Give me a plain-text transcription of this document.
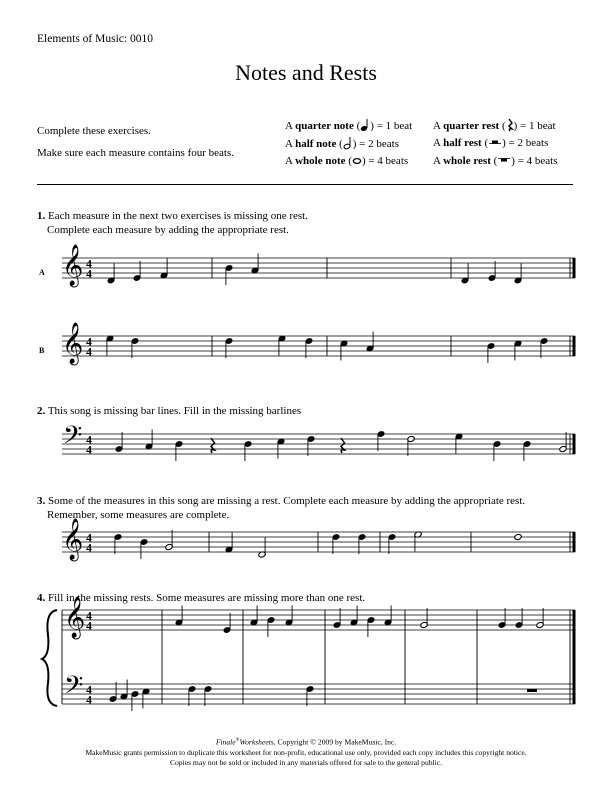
Elements of Music: 0010
Notes and Rests
Complete these exercises.
Make sure each measure contains four beats.
A quarter note ( ) = 1 beat
A half note ( ) = 2 beats
A whole note ( ) = 4 beats
A quarter rest ( ) = 1 beat
A half rest ( ) = 2 beats
A whole rest ( ) = 4 beats
1. Each measure in the next two exercises is missing one rest.
Complete each measure by adding the appropriate rest.
A
B
2. This song is missing bar lines. Fill in the missing barlines
3. Some of the measures in this song are missing a rest. Complete each measure by adding the appropriate rest.
Remember, some measures are complete.
4. Fill in the missing rests. Some measures are missing more than one rest.
𝄞 4
4
𝄞 4
4
𝄢 4
4
𝄞 4
4
𝄞 4
4
𝄢 4
4
Finale®Worksheets, Copyright © 2009 by MakeMusic, Inc.
MakeMusic grants permission to duplicate this worksheet for non-profit, educational use only, provided each copy includes this copyright notice.
Copies may not be sold or included in any materials offered for sale to the general public.
